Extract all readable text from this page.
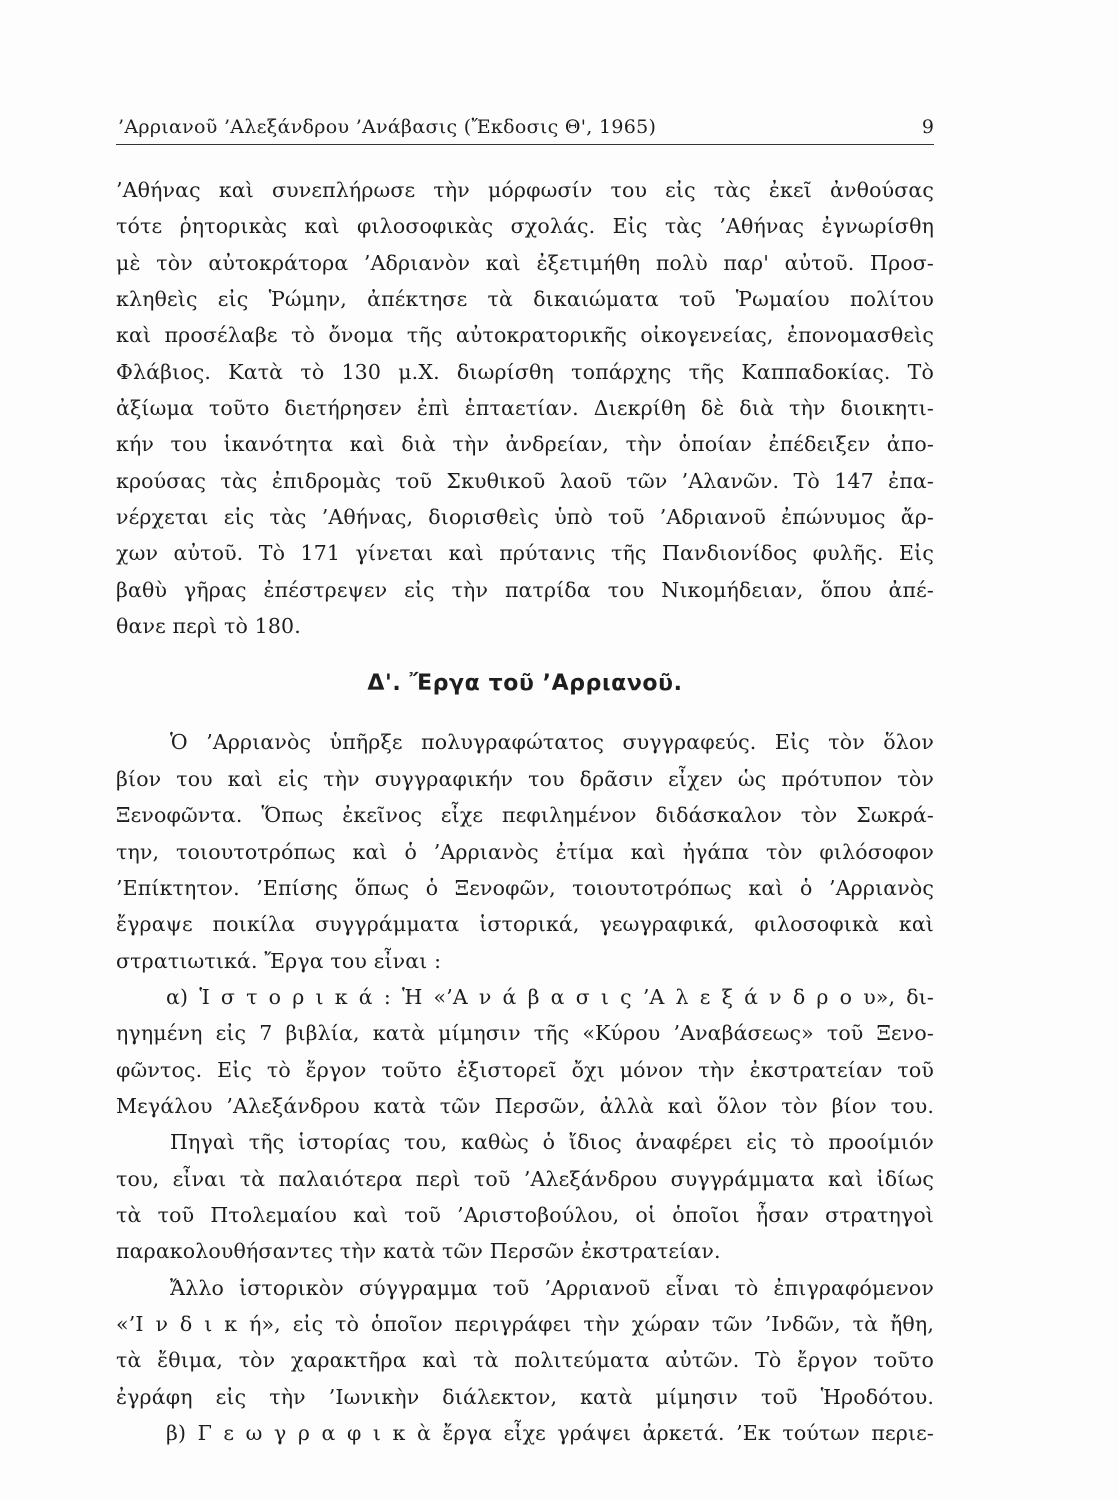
’Αρριανοῦ ’Αλεξάνδρου ’Ανάβασις (Ἔκδοσις Θ', 1965)	9
’Αθήνας καὶ συνεπλήρωσε τὴν μόρφωσίν του εἰς τὰς ἐκεῖ ἀνθούσας
τότε ῥητορικὰς καὶ φιλοσοφικὰς σχολάς. Εἰς τὰς ’Αθήνας ἐγνωρίσθη
μὲ τὸν αὐτοκράτορα ’Αδριανὸν καὶ ἐξετιμήθη πολὺ παρ' αὐτοῦ. Προσ-
κληθεὶς εἰς Ῥώμην, ἀπέκτησε τὰ δικαιώματα τοῦ Ῥωμαίου πολίτου
καὶ προσέλαβε τὸ ὄνομα τῆς αὐτοκρατορικῆς οἰκογενείας, ἐπονομασθεὶς
Φλάβιος. Κατὰ τὸ 130 μ.Χ. διωρίσθη τοπάρχης τῆς Καππαδοκίας. Τὸ
ἀξίωμα τοῦτο διετήρησεν ἐπὶ ἑπταετίαν. Διεκρίθη δὲ διὰ τὴν διοικητι-
κήν του ἱκανότητα καὶ διὰ τὴν ἀνδρείαν, τὴν ὁποίαν ἐπέδειξεν ἀπο-
κρούσας τὰς ἐπιδρομὰς τοῦ Σκυθικοῦ λαοῦ τῶν ’Αλανῶν. Τὸ 147 ἐπα-
νέρχεται εἰς τὰς ’Αθήνας, διορισθεὶς ὑπὸ τοῦ ’Αδριανοῦ ἐπώνυμος ἄρ-
χων αὐτοῦ. Τὸ 171 γίνεται καὶ πρύτανις τῆς Πανδιονίδος φυλῆς. Εἰς
βαθὺ γῆρας ἐπέστρεψεν εἰς τὴν πατρίδα του Νικομήδειαν, ὅπου ἀπέ-
θανε περὶ τὸ 180.
Δ'. Ἔργα τοῦ ’Αρριανοῦ.
Ὁ ’Αρριανὸς ὑπῆρξε πολυγραφώτατος συγγραφεύς. Εἰς τὸν ὅλον
βίον του καὶ εἰς τὴν συγγραφικήν του δρᾶσιν εἶχεν ὡς πρότυπον τὸν
Ξενοφῶντα. Ὅπως ἐκεῖνος εἶχε πεφιλημένον διδάσκαλον τὸν Σωκρά-
την, τοιουτοτρόπως καὶ ὁ ’Αρριανὸς ἐτίμα καὶ ἠγάπα τὸν φιλόσοφον
’Επίκτητον. ’Επίσης ὅπως ὁ Ξενοφῶν, τοιουτοτρόπως καὶ ὁ ’Αρριανὸς
ἔγραψε ποικίλα συγγράμματα ἱστορικά, γεωγραφικά, φιλοσοφικὰ καὶ
στρατιωτικά. Ἔργα του εἶναι :
α) Ἱ σ τ ο ρ ι κ ά : Ἡ «’Α ν ά β α σ ι ς ’Α λ ε ξ ά ν δ ρ ο υ», δι-
ηγημένη εἰς 7 βιβλία, κατὰ μίμησιν τῆς «Κύρου ’Αναβάσεως» τοῦ Ξενο-
φῶντος. Εἰς τὸ ἔργον τοῦτο ἐξιστορεῖ ὄχι μόνον τὴν ἐκστρατείαν τοῦ
Μεγάλου ’Αλεξάνδρου κατὰ τῶν Περσῶν, ἀλλὰ καὶ ὅλον τὸν βίον του.
Πηγαὶ τῆς ἱστορίας του, καθὼς ὁ ἴδιος ἀναφέρει εἰς τὸ προοίμιόν
του, εἶναι τὰ παλαιότερα περὶ τοῦ ’Αλεξάνδρου συγγράμματα καὶ ἰδίως
τὰ τοῦ Πτολεμαίου καὶ τοῦ ’Αριστοβούλου, οἱ ὁποῖοι ἦσαν στρατηγοὶ
παρακολουθήσαντες τὴν κατὰ τῶν Περσῶν ἐκστρατείαν.
Ἄλλο ἱστορικὸν σύγγραμμα τοῦ ’Αρριανοῦ εἶναι τὸ ἐπιγραφόμενον
«’Ι ν δ ι κ ή», εἰς τὸ ὁποῖον περιγράφει τὴν χώραν τῶν ’Ινδῶν, τὰ ἤθη,
τὰ ἔθιμα, τὸν χαρακτῆρα καὶ τὰ πολιτεύματα αὐτῶν. Τὸ ἔργον τοῦτο
ἐγράφη εἰς τὴν ’Ιωνικὴν διάλεκτον, κατὰ μίμησιν τοῦ Ἡροδότου.
β) Γ ε ω γ ρ α φ ι κ ὰ ἔργα εἶχε γράψει ἀρκετά. ’Εκ τούτων περιε-
